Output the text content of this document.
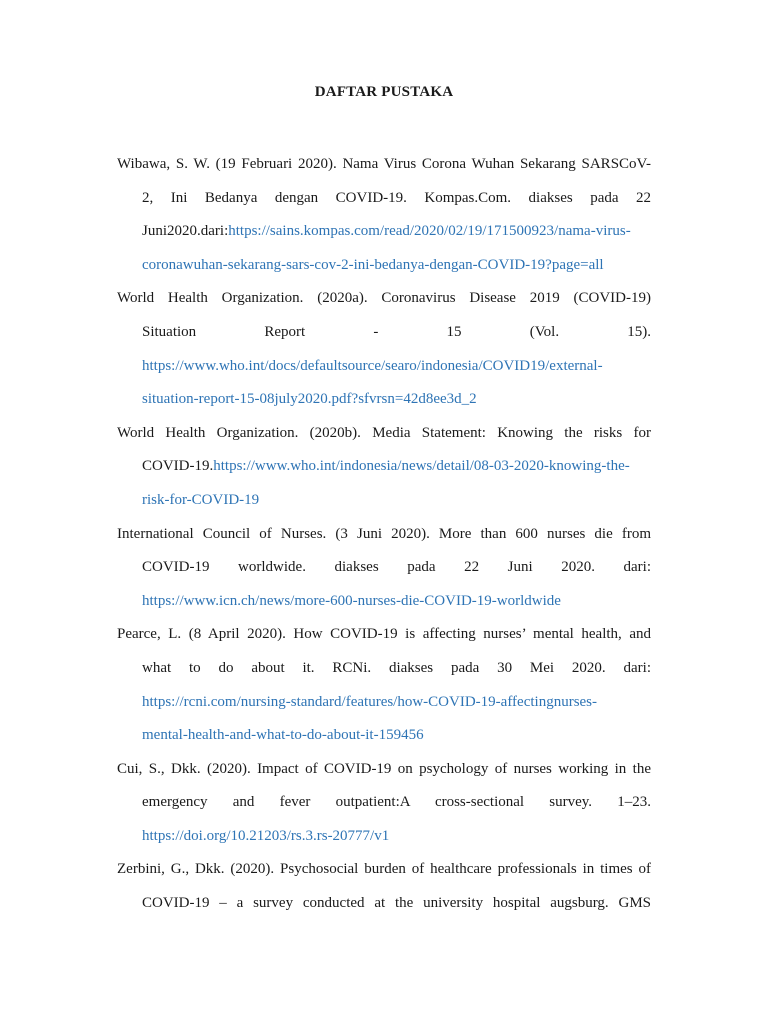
DAFTAR PUSTAKA
Wibawa, S. W. (19 Februari 2020). Nama Virus Corona Wuhan Sekarang SARSCoV-
2, Ini Bedanya dengan COVID-19. Kompas.Com. diakses pada 22
Juni2020.dari:https://sains.kompas.com/read/2020/02/19/171500923/nama-virus-
coronawuhan-sekarang-sars-cov-2-ini-bedanya-dengan-COVID-19?page=all
World Health Organization. (2020a). Coronavirus Disease 2019 (COVID-19)
Situation Report - 15 (Vol. 15).
https://www.who.int/docs/defaultsource/searo/indonesia/COVID19/external-
situation-report-15-08july2020.pdf?sfvrsn=42d8ee3d_2
World Health Organization. (2020b). Media Statement: Knowing the risks for
COVID-19.https://www.who.int/indonesia/news/detail/08-03-2020-knowing-the-
risk-for-COVID-19
International Council of Nurses. (3 Juni 2020). More than 600 nurses die from
COVID-19 worldwide. diakses pada 22 Juni 2020. dari:
https://www.icn.ch/news/more-600-nurses-die-COVID-19-worldwide
Pearce, L. (8 April 2020). How COVID-19 is affecting nurses’ mental health, and
what to do about it. RCNi. diakses pada 30 Mei 2020. dari:
https://rcni.com/nursing-standard/features/how-COVID-19-affectingnurses-
mental-health-and-what-to-do-about-it-159456
Cui, S., Dkk. (2020). Impact of COVID-19 on psychology of nurses working in the
emergency and fever outpatient:A cross-sectional survey. 1–23.
https://doi.org/10.21203/rs.3.rs-20777/v1
Zerbini, G., Dkk. (2020). Psychosocial burden of healthcare professionals in times of
COVID-19 – a survey conducted at the university hospital augsburg. GMS
